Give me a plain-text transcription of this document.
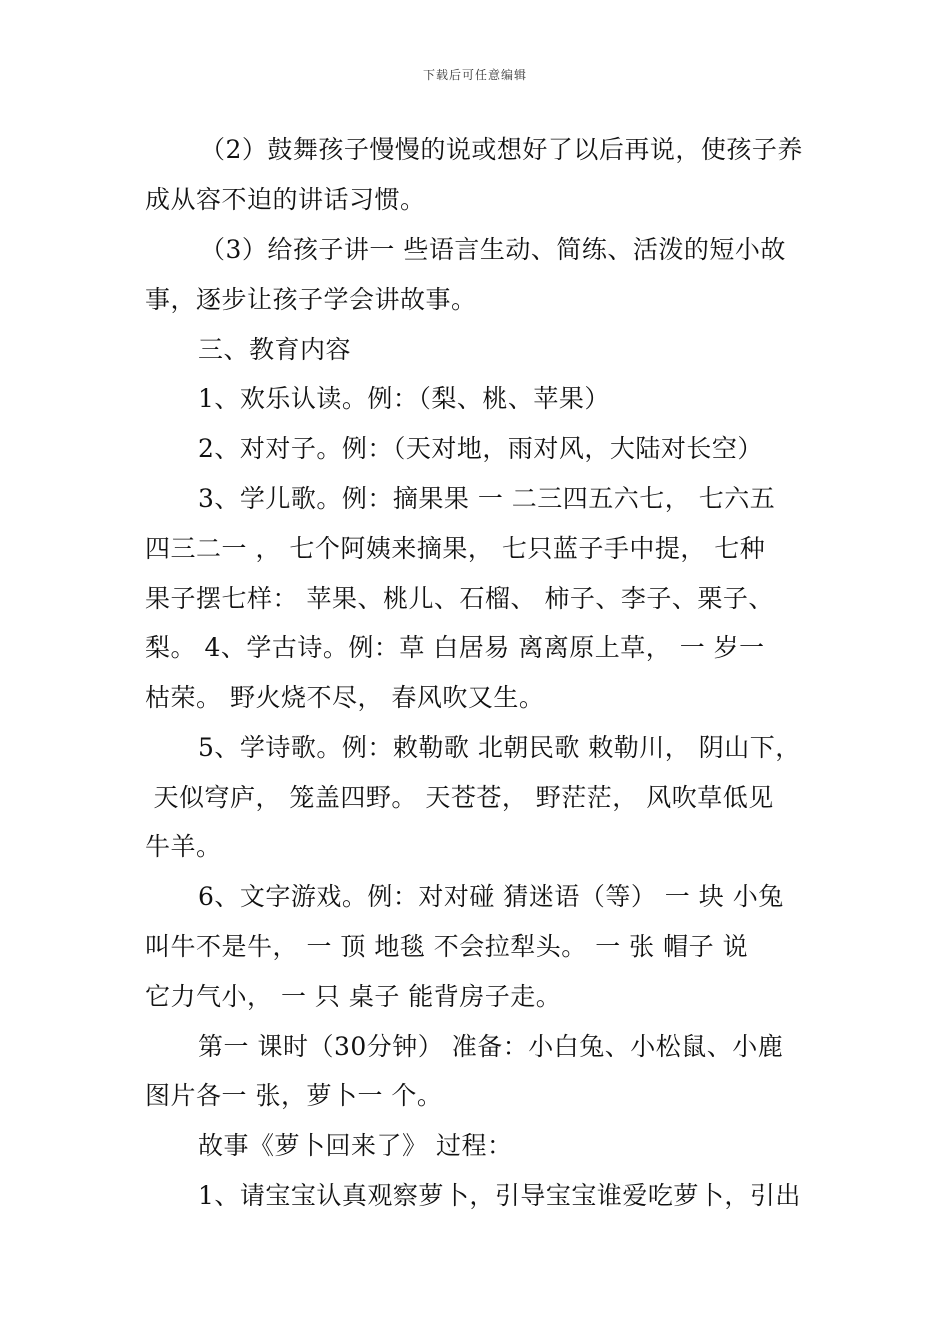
下载后可任意编辑
（2）鼓舞孩子慢慢的说或想好了以后再说，使孩子养
成从容不迫的讲话习惯。
（3）给孩子讲一 些语言生动、简练、活泼的短小故
事，逐步让孩子学会讲故事。
三、教育内容
1、欢乐认读。例：（梨、桃、苹果）
2、对对子。例：（天对地，雨对风，大陆对长空）
3、学儿歌。例：摘果果 一 二三四五六七， 七六五
四三二一 ， 七个阿姨来摘果， 七只蓝子手中提， 七种
果子摆七样： 苹果、桃儿、石榴、 柿子、李子、栗子、
梨。 4、学古诗。例：草 白居易 离离原上草， 一 岁一
枯荣。 野火烧不尽， 春风吹又生。
5、学诗歌。例：敕勒歌 北朝民歌 敕勒川， 阴山下，
天似穹庐， 笼盖四野。 天苍苍， 野茫茫， 风吹草低见
牛羊。
6、文字游戏。例：对对碰 猜迷语（等） 一 块 小兔
叫牛不是牛， 一 顶 地毯 不会拉犁头。 一 张 帽子 说
它力气小， 一 只 桌子 能背房子走。
第一 课时（30分钟） 准备：小白兔、小松鼠、小鹿
图片各一 张，萝卜一 个。
故事《萝卜回来了》 过程：
1、请宝宝认真观察萝卜，引导宝宝谁爱吃萝卜，引出
